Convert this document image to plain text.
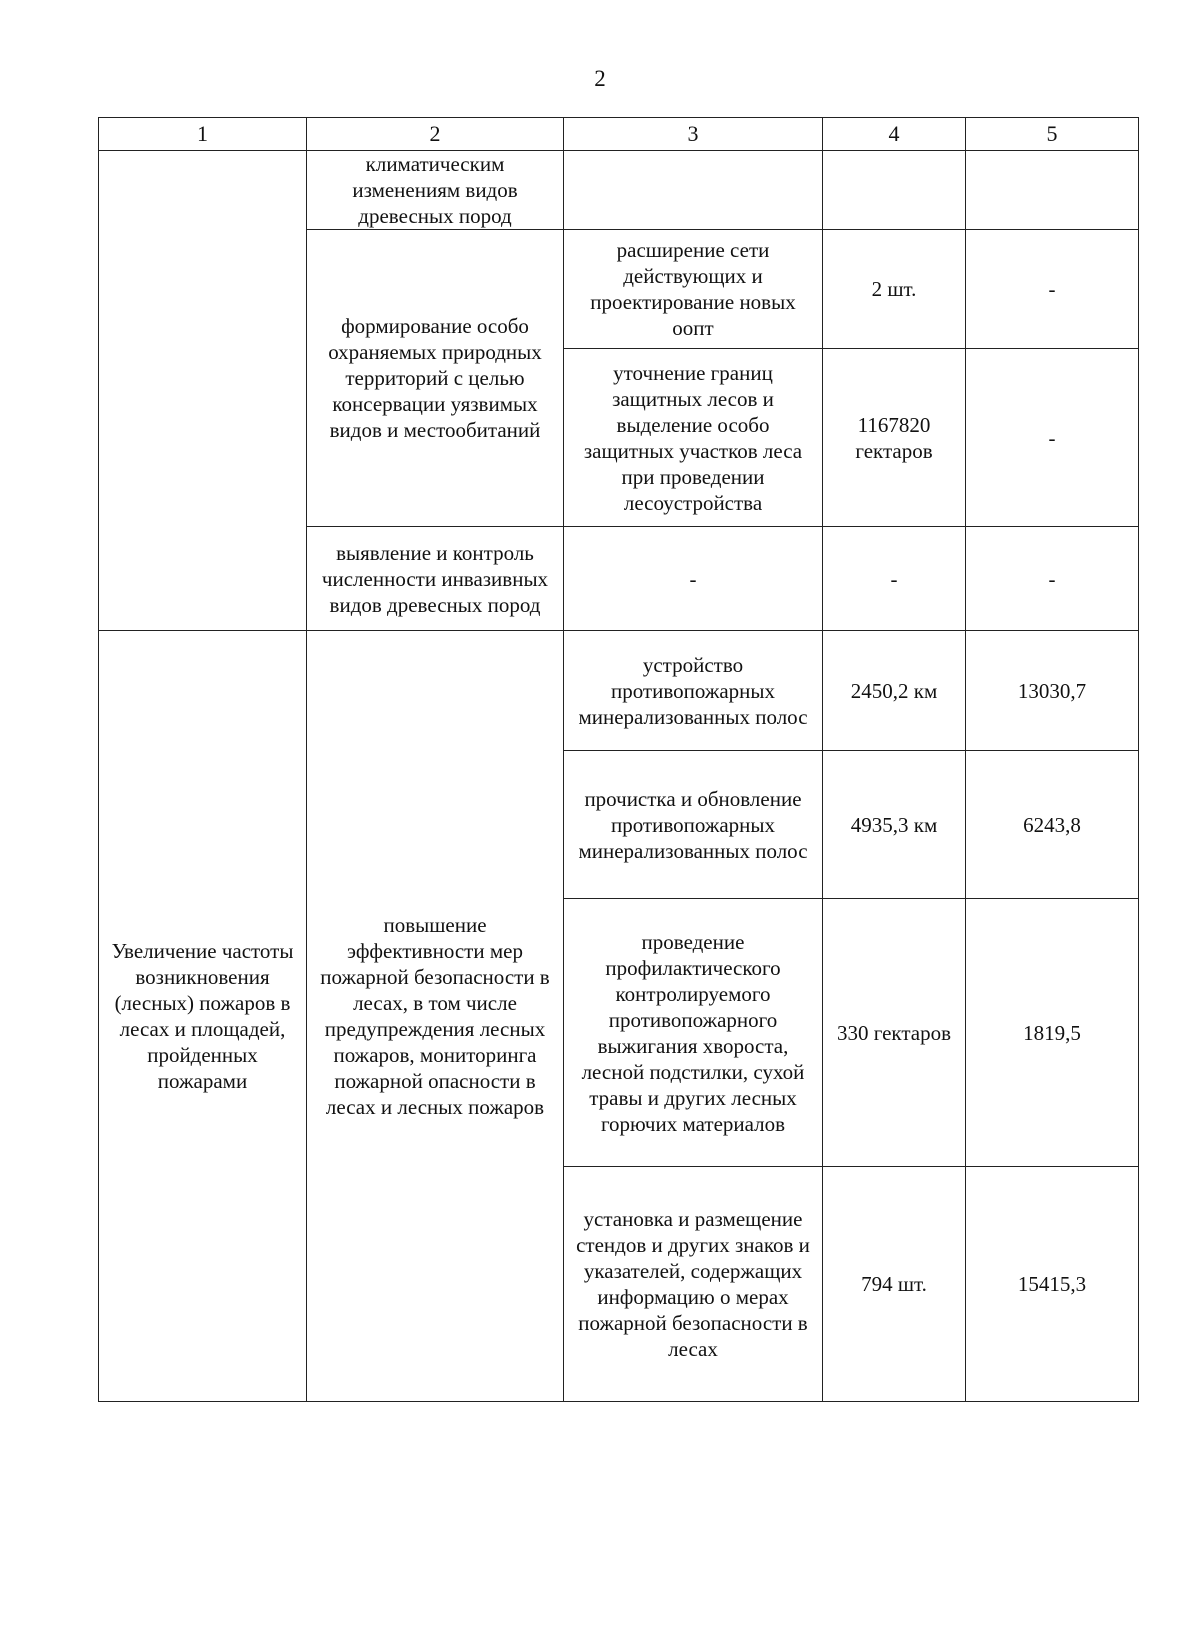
2
1	2	3	4	5
	климатическим изменениям видов древесных пород			
	формирование особо охраняемых природных территорий с целью консервации уязвимых видов и местообитаний	расширение сети действующих и проектирование новых оопт	2 шт.	-
		уточнение границ защитных лесов и выделение особо защитных участков леса при проведении лесоустройства	1167820 гектаров	-
	выявление и контроль численности инвазивных видов древесных пород	-	-	-
Увеличение частоты возникновения (лесных) пожаров в лесах и площадей, пройденных пожарами	повышение эффективности мер пожарной безопасности в лесах, в том числе предупреждения лесных пожаров, мониторинга пожарной опасности в лесах и лесных пожаров	устройство противопожарных минерализованных полос	2450,2 км	13030,7
		прочистка и обновление противопожарных минерализованных полос	4935,3 км	6243,8
		проведение профилактического контролируемого противопожарного выжигания хвороста, лесной подстилки, сухой травы и других лесных горючих материалов	330 гектаров	1819,5
		установка и размещение стендов и других знаков и указателей, содержащих информацию о мерах пожарной безопасности в лесах	794 шт.	15415,3
